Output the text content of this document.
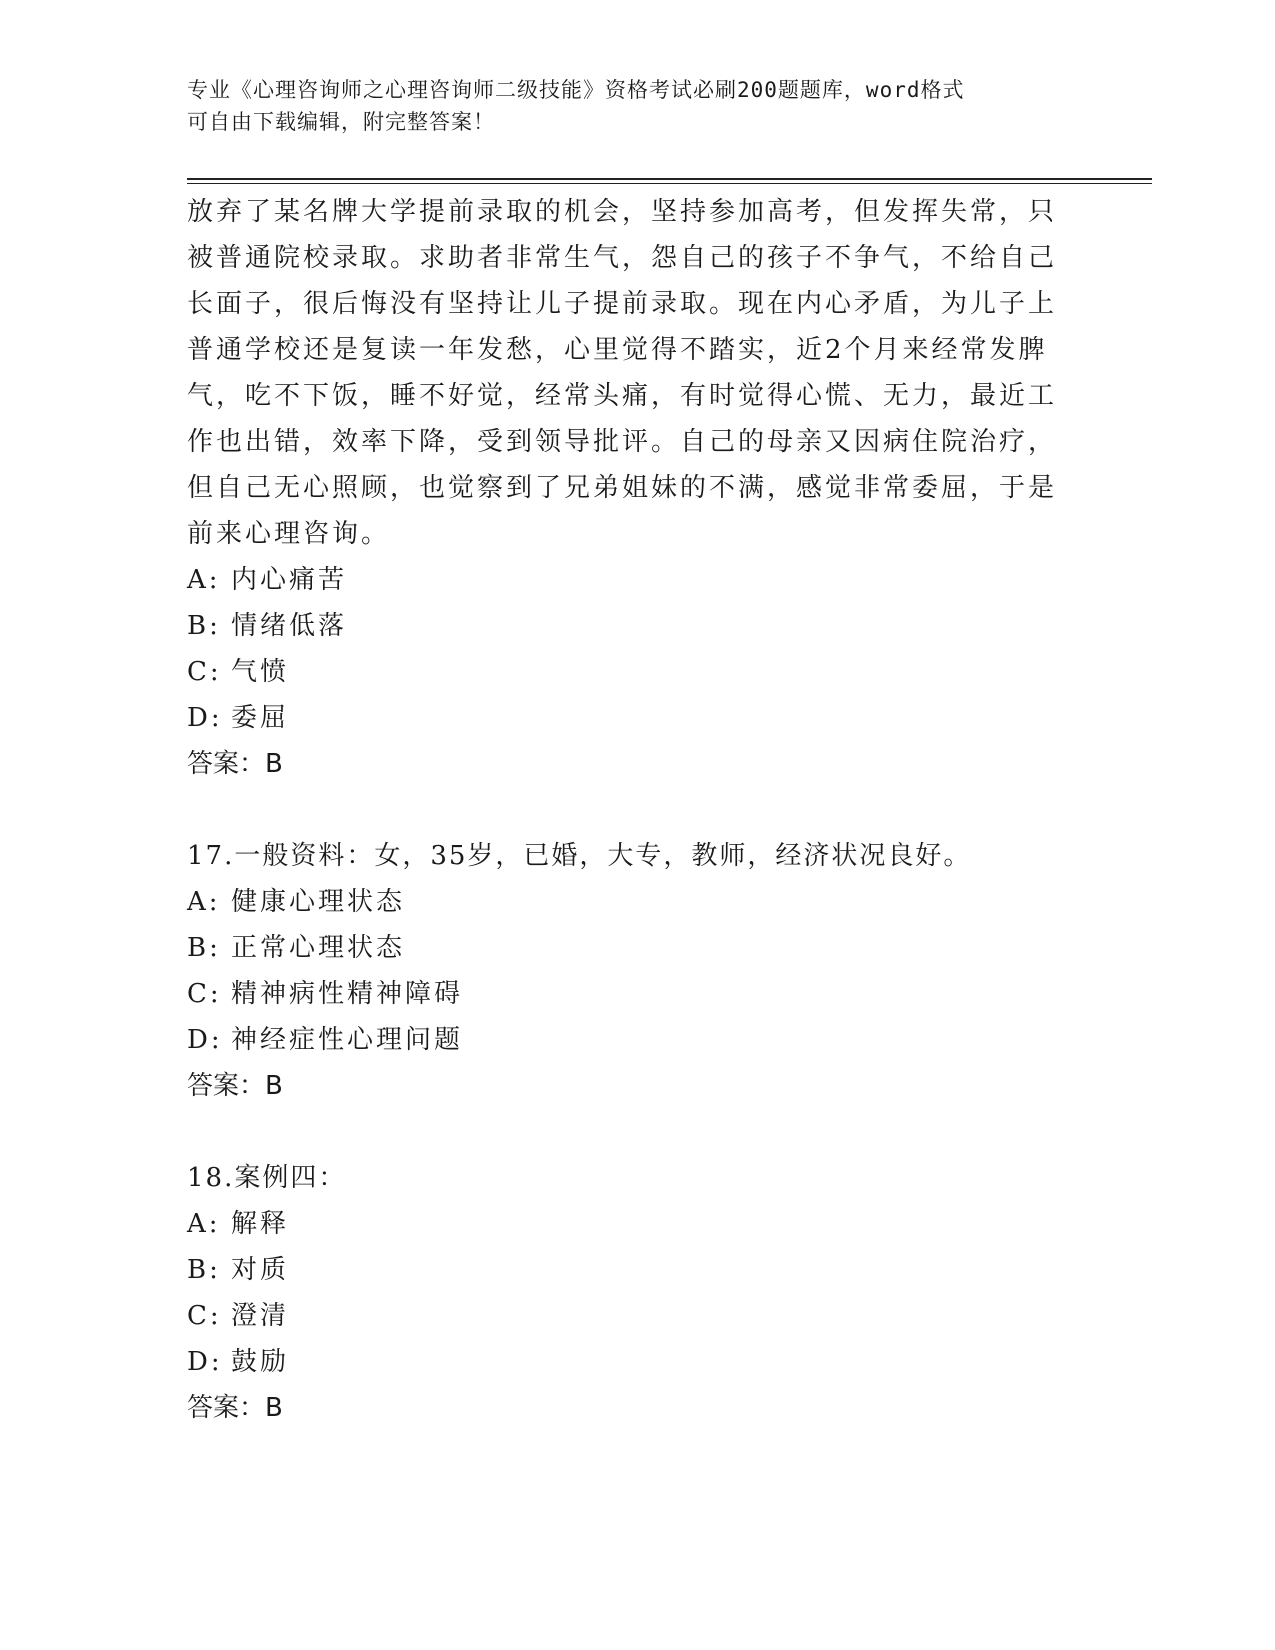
专业《心理咨询师之心理咨询师二级技能》资格考试必刷200题题库，word格式
可自由下载编辑，附完整答案！
放弃了某名牌大学提前录取的机会，坚持参加高考，但发挥失常，只
被普通院校录取。求助者非常生气，怨自己的孩子不争气，不给自己
长面子，很后悔没有坚持让儿子提前录取。现在内心矛盾，为儿子上
普通学校还是复读一年发愁，心里觉得不踏实，近2个月来经常发脾
气，吃不下饭，睡不好觉，经常头痛，有时觉得心慌、无力，最近工
作也出错，效率下降，受到领导批评。自己的母亲又因病住院治疗，
但自己无心照顾，也觉察到了兄弟姐妹的不满，感觉非常委屈，于是
前来心理咨询。
A: 内心痛苦
B: 情绪低落
C: 气愤
D: 委屈
答案：B
17.一般资料：女，35岁，已婚，大专，教师，经济状况良好。
A: 健康心理状态
B: 正常心理状态
C: 精神病性精神障碍
D: 神经症性心理问题
答案：B
18.案例四：
A: 解释
B: 对质
C: 澄清
D: 鼓励
答案：B
